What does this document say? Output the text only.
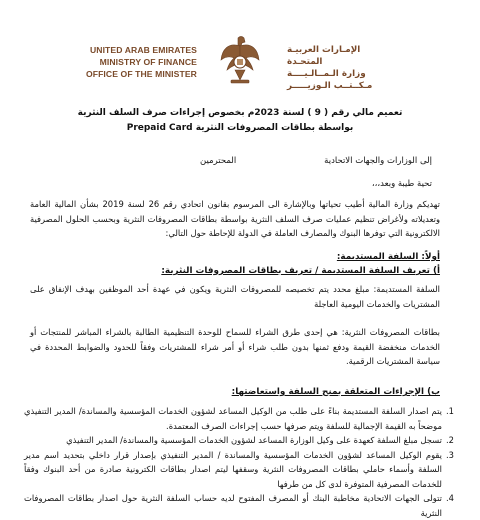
UNITED ARAB EMIRATES
MINISTRY OF FINANCE
OFFICE OF THE MINISTER
الإمـارات العربيـة المتحـدة
وزارة الـمــالـيــــة
مـكــتــب الـوزيـــــر
تعميم مالي رقم ( 9 ) لسنة 2023م بخصوص إجراءات صرف السلف النثرية
بواسطة بطاقات المصروفات النثرية Prepaid Card
إلى الوزارات والجهات الاتحادية
المحترمين
تحية طيبة وبعد،،،
تهديكم وزارة المالية أطيب تحياتها وبالإشارة الى المرسوم بقانون اتحادي رقم 26 لسنة 2019 بشأن المالية العامة وتعديلاته ولأغراض تنظيم عمليات صرف السلف النثرية بواسطة بطاقات المصروفات النثرية وبحسب الحلول المصرفية الالكترونية التي توفرها البنوك والمصارف العاملة في الدولة للإحاطة حول التالي:
أولاً: السلفة المستديمة:
أ) تعريف السلفة المستديمة / تعريف بطاقات المصروفات النثرية:
السلفة المستديمة: مبلغ محدد يتم تخصيصه للمصروفات النثرية ويكون في عهدة أحد الموظفين بهدف الإنفاق على المشتريات والخدمات اليومية العاجلة
بطاقات المصروفات النثرية: هي إحدى طرق الشراء للسماح للوحدة التنظيمية الطالبة بالشراء المباشر للمنتجات أو الخدمات منخفضة القيمة ودفع ثمنها بدون طلب شراء أو أمر شراء للمشتريات وفقاً للحدود والضوابط المحددة في سياسة المشتريات الرقمية.
ب) الإجراءات المتعلقة بمنح السلفة واستعاضتها:
1.
يتم اصدار السلفة المستديمة بناءً على طلب من الوكيل المساعد لشؤون الخدمات المؤسسية والمساندة/ المدير التنفيذي موضحاً به القيمة الإجمالية للسلفة ويتم صرفها حسب إجراءات الصرف المعتمدة.
2.
تسجل مبلغ السلفة كعهدة على وكيل الوزارة المساعد لشؤون الخدمات المؤسسية والمساندة/ المدير التنفيذي
3.
يقوم الوكيل المساعد لشؤون الخدمات المؤسسية والمساندة / المدير التنفيذي بإصدار قرار داخلي بتحديد اسم مدير السلفة وأسماء حاملي بطاقات المصروفات النثرية وسقفها ليتم اصدار بطاقات الكترونية صادرة من أحد البنوك وفقاً للخدمات المصرفية المتوفرة لدى كل من طرفها
4.
تتولى الجهات الاتحادية مخاطبة البنك أو المصرف المفتوح لديه حساب السلفة النثرية حول اصدار بطاقات المصروفات النثرية
